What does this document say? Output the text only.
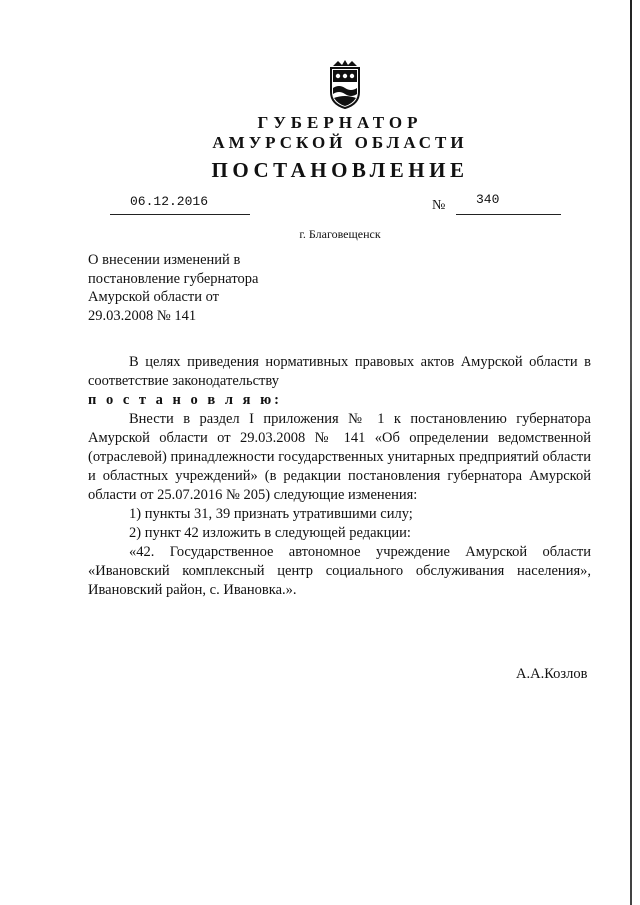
ГУБЕРНАТОР
АМУРСКОЙ ОБЛАСТИ
ПОСТАНОВЛЕНИЕ
06.12.2016	№ 340
г. Благовещенск
О внесении изменений в
постановление губернатора
Амурской области от
29.03.2008 № 141

В целях приведения нормативных правовых актов Амурской области в соответствие законодательству

п о с т а н о в л я ю:

Внести в раздел I приложения № 1 к постановлению губернатора Амурской области от 29.03.2008 № 141 «Об определении ведомственной (отраслевой) принадлежности государственных унитарных предприятий области и областных учреждений» (в редакции постановления губернатора Амурской области от 25.07.2016 № 205) следующие изменения:

1) пункты 31, 39 признать утратившими силу;

2) пункт 42 изложить в следующей редакции:

«42. Государственное автономное учреждение Амурской области «Ивановский комплексный центр социального обслуживания населения», Ивановский район, с. Ивановка.».

А.А.Козлов
